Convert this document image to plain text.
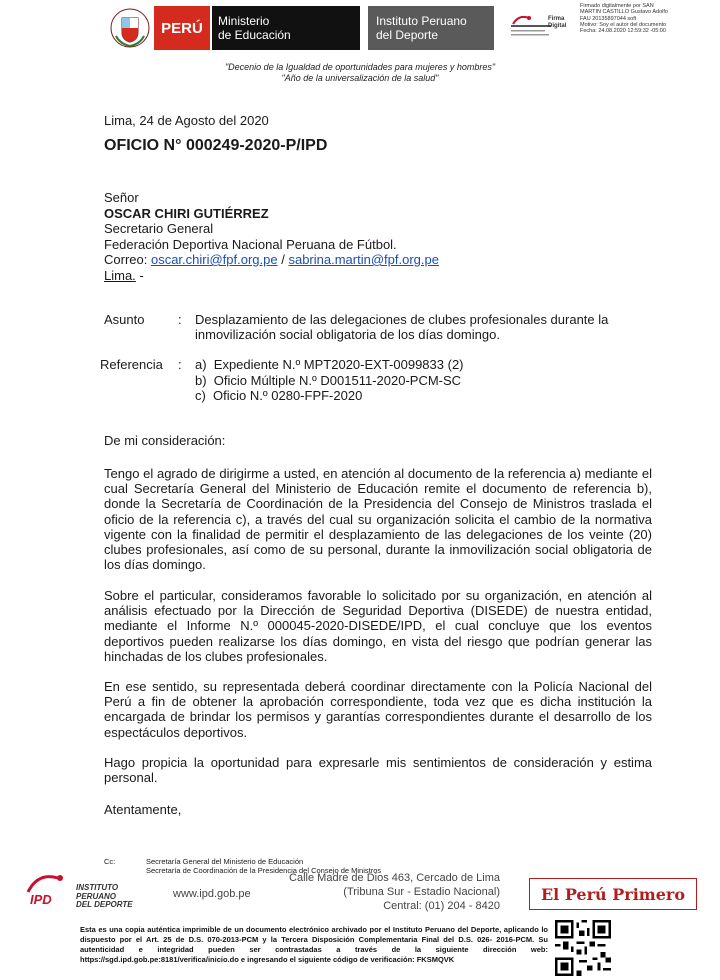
PERÚ Ministerio
de Educación
Instituto Peruano
del Deporte
Firma
Digital
Firmado digitalmente por SAN
MARTIN CASTILLO Gustavo Adolfo
FAU 20135897044 soft
Motivo: Soy el autor del documento
Fecha: 24.08.2020 12:59:32 -05:00
"Decenio de la Igualdad de oportunidades para mujeres y hombres"
"Año de la universalización de la salud"
Lima, 24 de Agosto del 2020
OFICIO N° 000249-2020-P/IPD
Señor
OSCAR CHIRI GUTIÉRREZ
Secretario General
Federación Deportiva Nacional Peruana de Fútbol.
Correo: oscar.chiri@fpf.org.pe / sabrina.martin@fpf.org.pe
Lima. -
Asunto	: Desplazamiento de las delegaciones de clubes profesionales durante la inmovilización social obligatoria de los días domingo.
Referencia : a)  Expediente N.º MPT2020-EXT-0099833 (2)
b)  Oficio Múltiple N.º D001511-2020-PCM-SC
c)  Oficio N.º 0280-FPF-2020
De mi consideración:
Tengo el agrado de dirigirme a usted, en atención al documento de la referencia a) mediante el cual Secretaría General del Ministerio de Educación remite el documento de referencia b), donde la Secretaría de Coordinación de la Presidencia del Consejo de Ministros traslada el oficio de la referencia c), a través del cual su organización solicita el cambio de la normativa vigente con la finalidad de permitir el desplazamiento de las delegaciones de los veinte (20) clubes profesionales, así como de su personal, durante la inmovilización social obligatoria de los días domingo.
Sobre el particular, consideramos favorable lo solicitado por su organización, en atención al análisis efectuado por la Dirección de Seguridad Deportiva (DISEDE) de nuestra entidad, mediante el Informe N.º 000045-2020-DISEDE/IPD, el cual concluye que los eventos deportivos pueden realizarse los días domingo, en vista del riesgo que podrían generar las hinchadas de los clubes profesionales.
En ese sentido, su representada deberá coordinar directamente con la Policía Nacional del Perú a fin de obtener la aprobación correspondiente, toda vez que es dicha institución la encargada de brindar los permisos y garantías correspondientes durante el desarrollo de los espectáculos deportivos.
Hago propicia la oportunidad para expresarle mis sentimientos de consideración y estima personal.
Atentamente,
Cc:	Secretaría General del Ministerio de Educación
Secretaría de Coordinación de la Presidencia del Consejo de Ministros
IPD
INSTITUTO
PERUANO
DEL DEPORTE
www.ipd.gob.pe
Calle Madre de Dios 463, Cercado de Lima
(Tribuna Sur - Estadio Nacional)
Central: (01) 204 - 8420
El Perú Primero
Esta es una copia auténtica imprimible de un documento electrónico archivado por el Instituto Peruano del Deporte, aplicando lo dispuesto por el Art. 25 de D.S. 070-2013-PCM y la Tercera Disposición Complementaria Final del D.S. 026- 2016-PCM. Su autenticidad e integridad pueden ser contrastadas a través de la siguiente dirección web: https://sgd.ipd.gob.pe:8181/verifica/inicio.do e ingresando el siguiente código de verificación: FKSMQVK
